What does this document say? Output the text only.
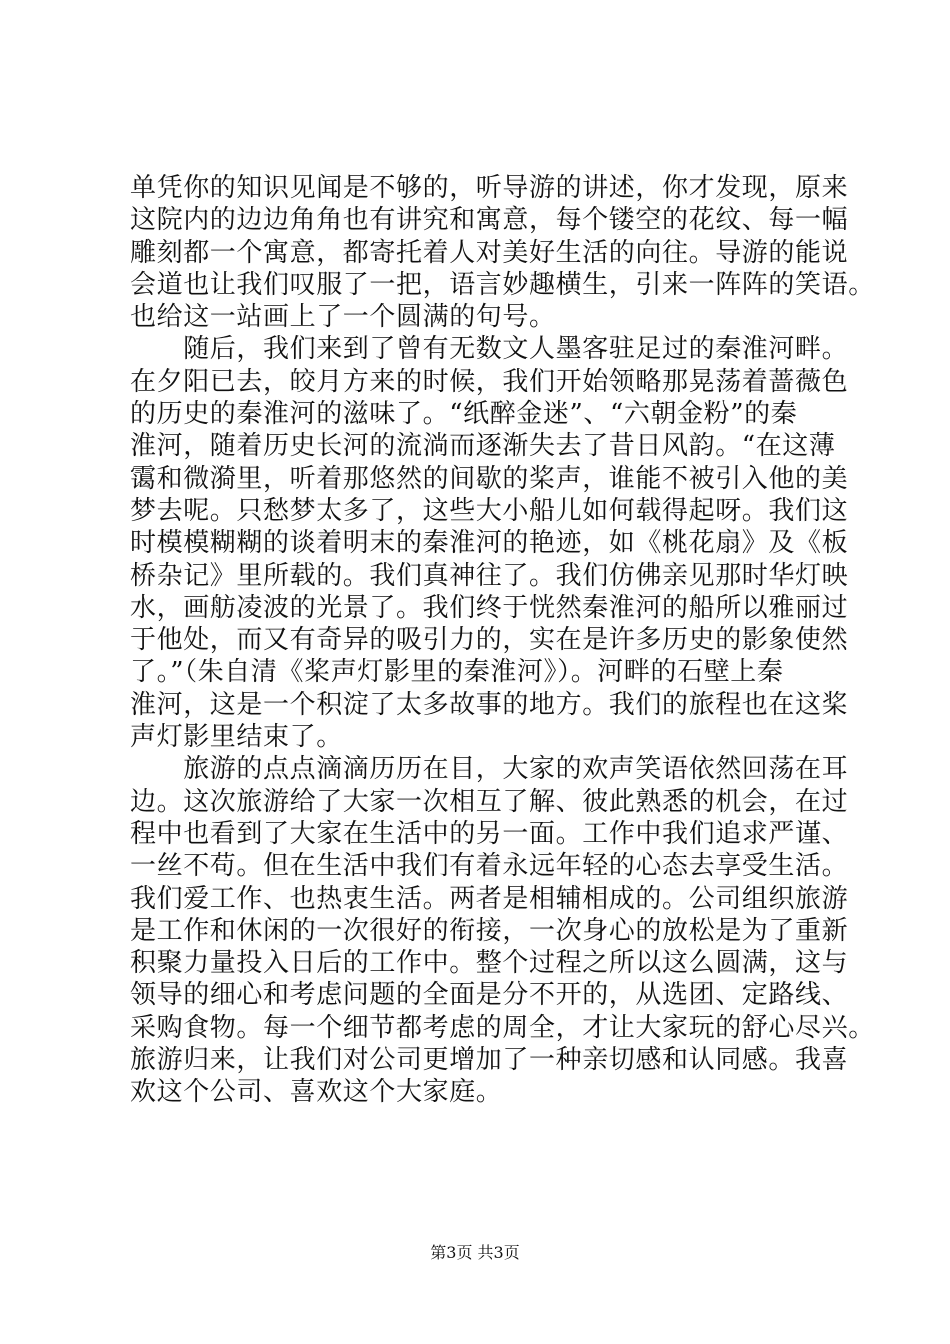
单凭你的知识见闻是不够的，听导游的讲述，你才发现，原来
这院内的边边角角也有讲究和寓意，每个镂空的花纹、每一幅
雕刻都一个寓意，都寄托着人对美好生活的向往。导游的能说
会道也让我们叹服了一把，语言妙趣横生，引来一阵阵的笑语。
也给这一站画上了一个圆满的句号。
　　随后，我们来到了曾有无数文人墨客驻足过的秦淮河畔。
在夕阳已去，皎月方来的时候，我们开始领略那晃荡着蔷薇色
的历史的秦淮河的滋味了。“纸醉金迷”、“六朝金粉”的秦
淮河，随着历史长河的流淌而逐渐失去了昔日风韵。“在这薄
霭和微漪里，听着那悠然的间歇的桨声，谁能不被引入他的美
梦去呢。只愁梦太多了，这些大小船儿如何载得起呀。我们这
时模模糊糊的谈着明末的秦淮河的艳迹，如《桃花扇》及《板
桥杂记》里所载的。我们真神往了。我们仿佛亲见那时华灯映
水，画舫凌波的光景了。我们终于恍然秦淮河的船所以雅丽过
于他处，而又有奇异的吸引力的，实在是许多历史的影象使然
了。”（朱自清《桨声灯影里的秦淮河》）。河畔的石壁上秦
淮河，这是一个积淀了太多故事的地方。我们的旅程也在这桨
声灯影里结束了。
　　旅游的点点滴滴历历在目，大家的欢声笑语依然回荡在耳
边。这次旅游给了大家一次相互了解、彼此熟悉的机会，在过
程中也看到了大家在生活中的另一面。工作中我们追求严谨、
一丝不苟。但在生活中我们有着永远年轻的心态去享受生活。
我们爱工作、也热衷生活。两者是相辅相成的。公司组织旅游
是工作和休闲的一次很好的衔接，一次身心的放松是为了重新
积聚力量投入日后的工作中。整个过程之所以这么圆满，这与
领导的细心和考虑问题的全面是分不开的，从选团、定路线、
采购食物。每一个细节都考虑的周全，才让大家玩的舒心尽兴。
旅游归来，让我们对公司更增加了一种亲切感和认同感。我喜
欢这个公司、喜欢这个大家庭。
第3页 共3页
